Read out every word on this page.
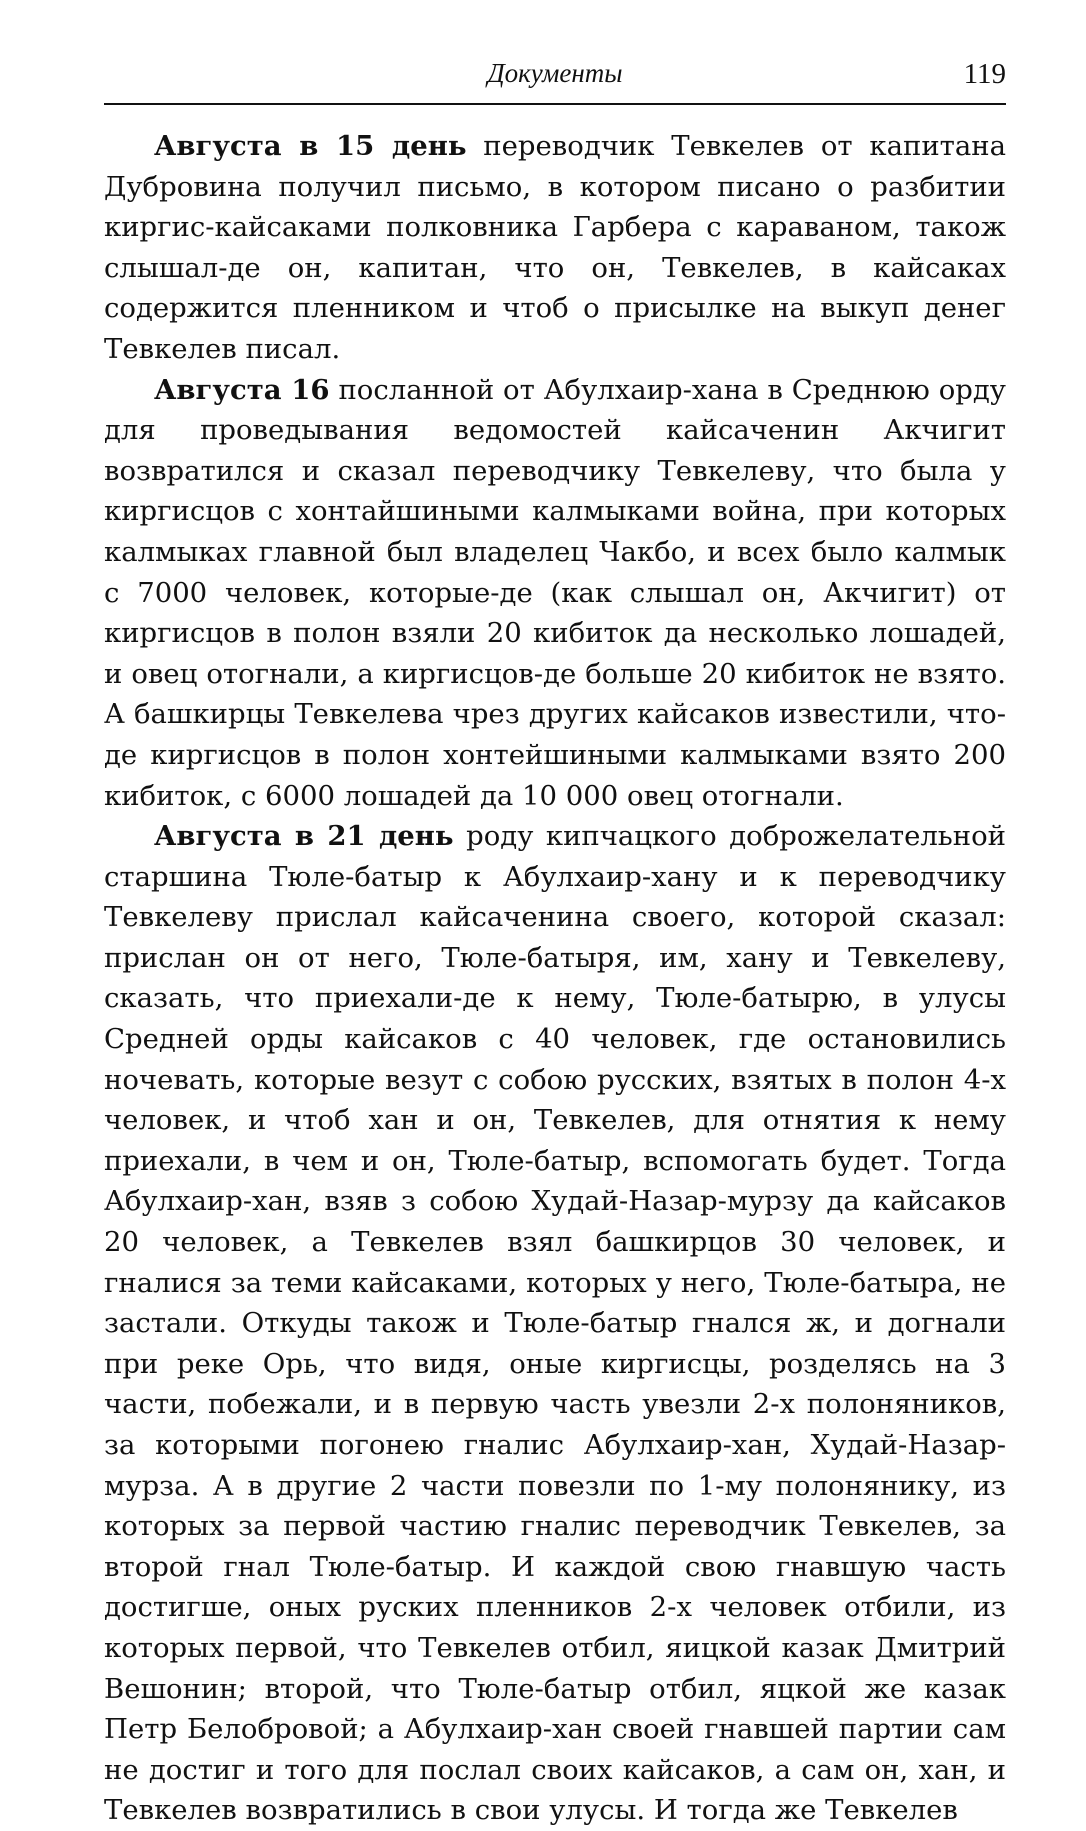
Документы	119

Августа в 15 день переводчик Тевкелев от капитана Дубровина получил письмо, в котором писано о разбитии киргис-кайсаками полковника Гарбера с караваном, також слышал-де он, капитан, что он, Тевкелев, в кайсаках содержится пленником и чтоб о присылке на выкуп денег Тевкелев писал.

Августа 16 посланной от Абулхаир-хана в Среднюю орду для проведывания ведомостей кайсаченин Акчигит возвратился и сказал переводчику Тевкелеву, что была у киргисцов с хонтайшиными калмыками война, при которых калмыках главной был владелец Чакбо, и всех было калмык с 7000 человек, которые-де (как слышал он, Акчигит) от киргисцов в полон взяли 20 кибиток да несколько лошадей, и овец отогнали, а киргисцов-де больше 20 кибиток не взято. А башкирцы Тевкелева чрез других кайсаков известили, что-де киргисцов в полон хонтейшиными калмыками взято 200 кибиток, с 6000 лошадей да 10 000 овец отогнали.

Августа в 21 день роду кипчацкого доброжелательной старшина Тюле-батыр к Абулхаир-хану и к переводчику Тевкелеву прислал кайсаченина своего, которой сказал: прислан он от него, Тюле-батыря, им, хану и Тевкелеву, сказать, что приехали-де к нему, Тюле-батырю, в улусы Средней орды кайсаков с 40 человек, где остановились ночевать, которые везут с собою русских, взятых в полон 4-х человек, и чтоб хан и он, Тевкелев, для отнятия к нему приехали, в чем и он, Тюле-батыр, вспомогать будет. Тогда Абулхаир-хан, взяв з собою Худай-Назар-мурзу да кайсаков 20 человек, а Тевкелев взял башкирцов 30 человек, и гналися за теми кайсаками, которых у него, Тюле-батыра, не застали. Откуды також и Тюле-батыр гнался ж, и догнали при реке Орь, что видя, оные киргисцы, розделясь на 3 части, побежали, и в первую часть увезли 2-х полоняников, за которыми погонею гналис Абулхаир-хан, Худай-Назар-мурза. А в другие 2 части повезли по 1-му полонянику, из которых за первой частию гналис переводчик Тевкелев, за второй гнал Тюле-батыр. И каждой свою гнавшую часть достигше, оных руских пленников 2-х человек отбили, из которых первой, что Тевкелев отбил, яицкой казак Дмитрий Вешонин; второй, что Тюле-батыр отбил, яцкой же казак Петр Белобровой; а Абулхаир-хан своей гнавшей партии сам не достиг и того для послал своих кайсаков, а сам он, хан, и Тевкелев возвратились в свои улусы. И тогда же Тевкелев
